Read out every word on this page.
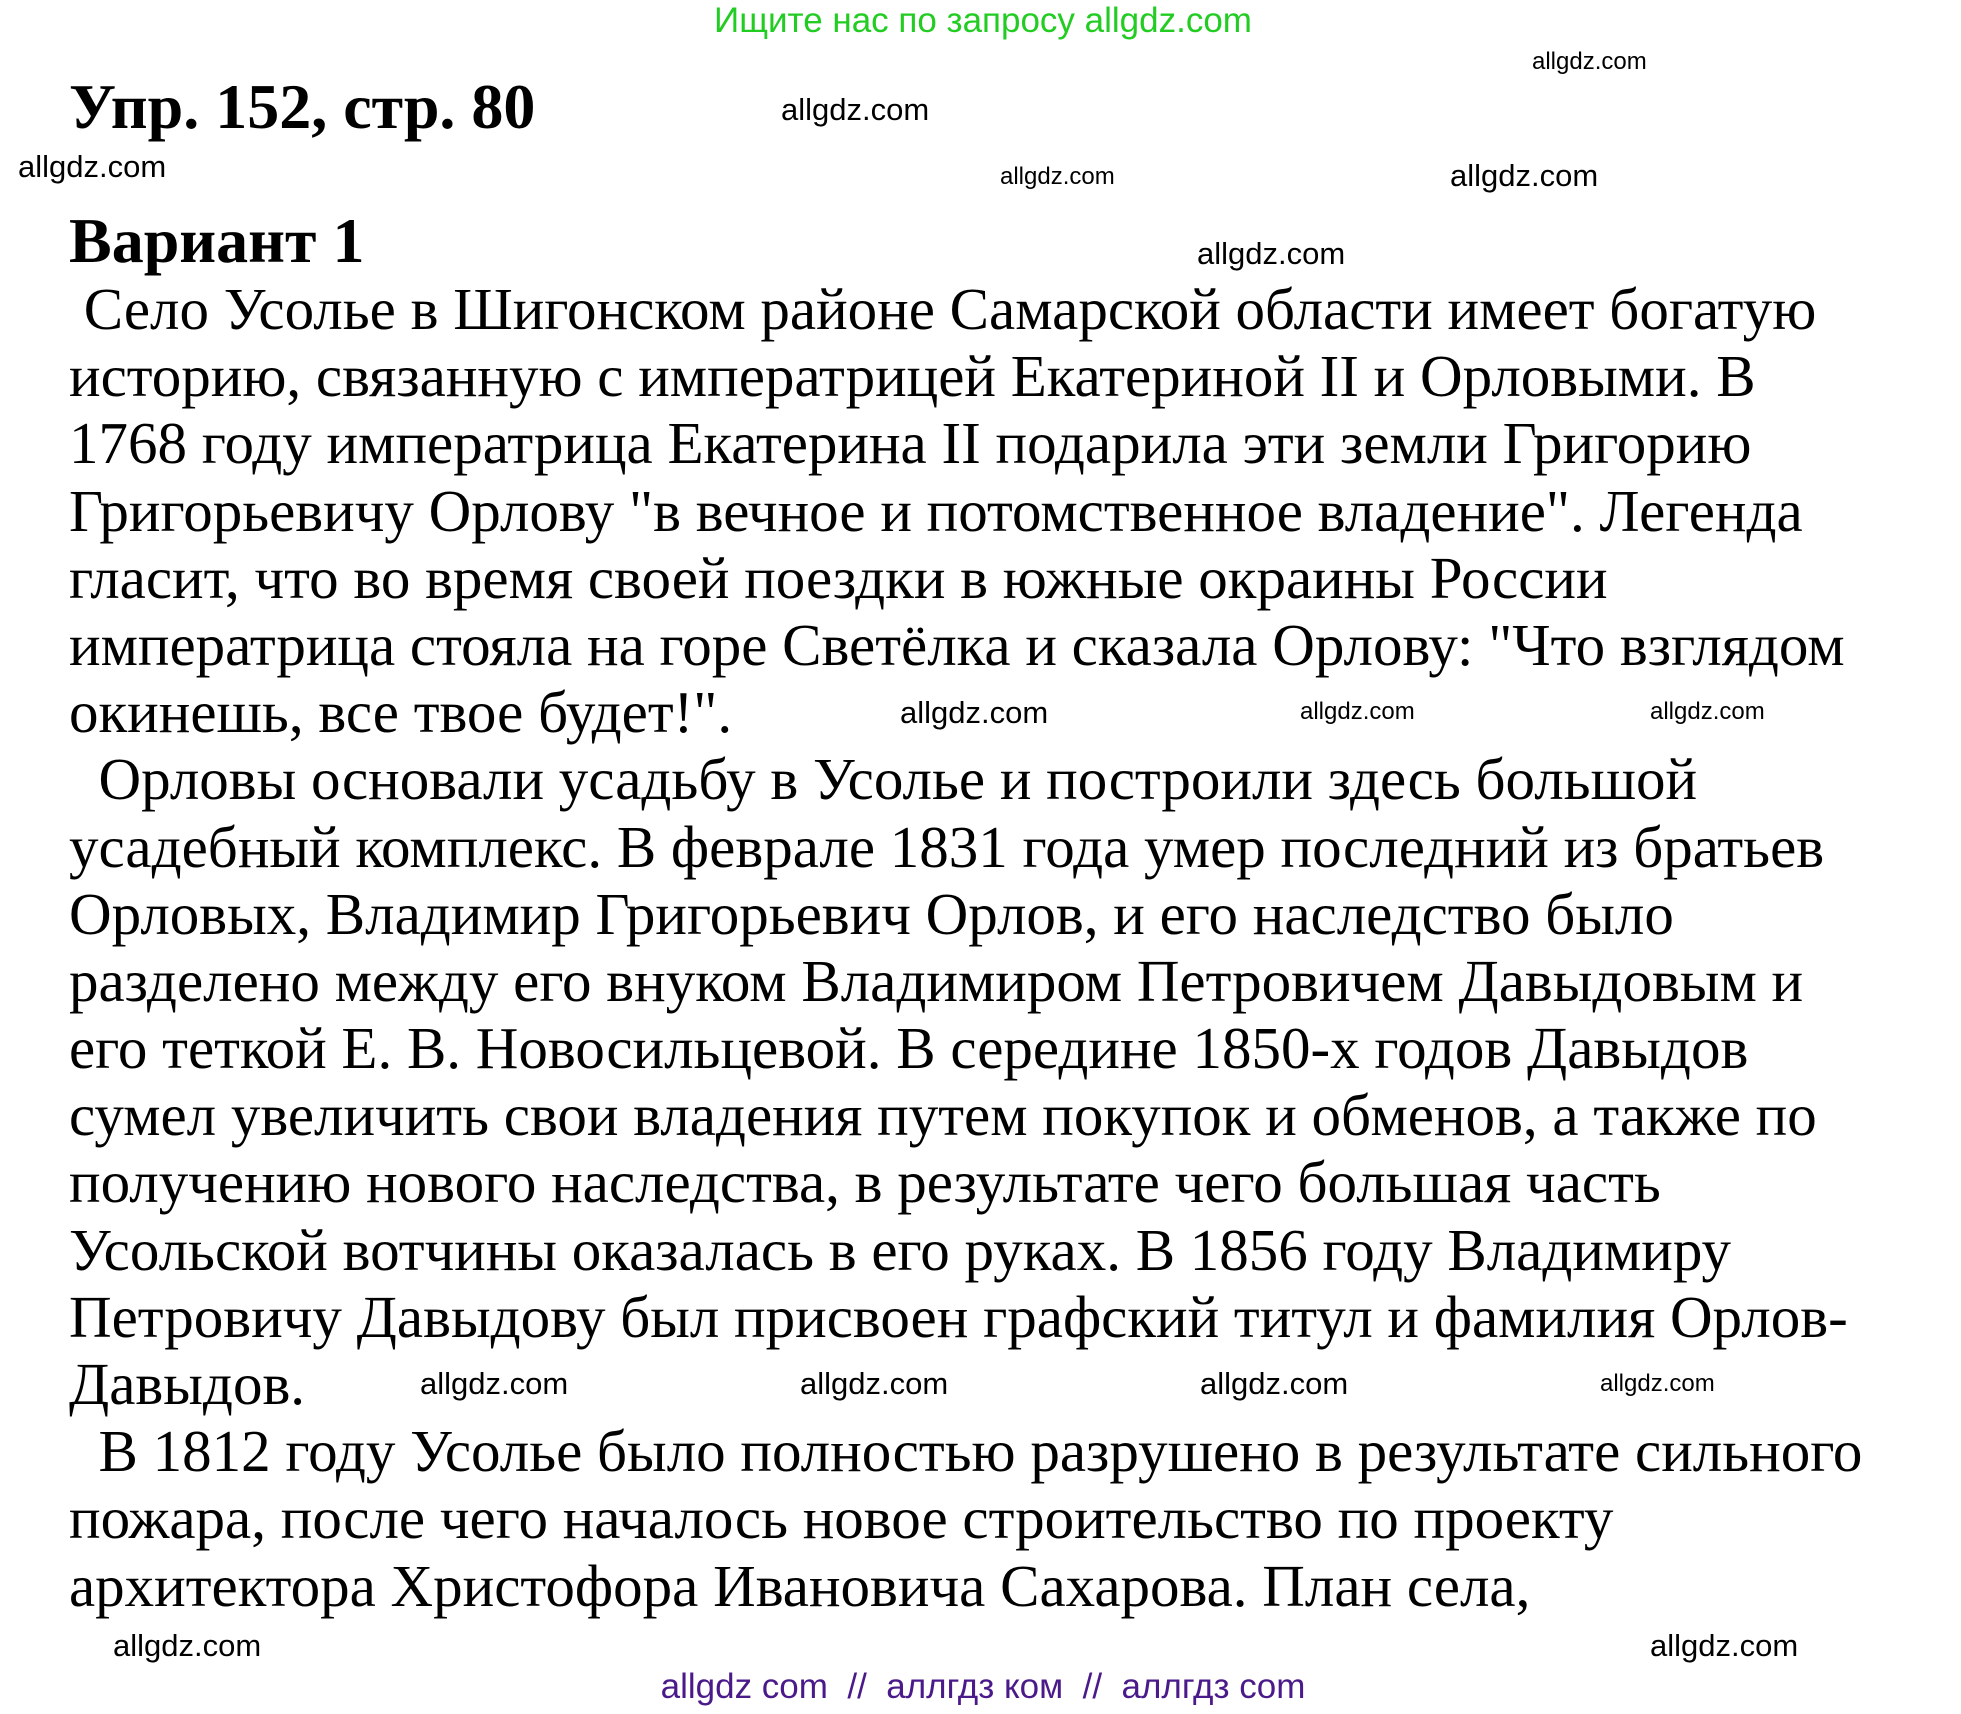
Ищите нас по запросу allgdz.com
Упр. 152, стр. 80
Вариант 1
Село Усолье в Шигонском районе Самарской области имеет богатую
историю, связанную с императрицей Екатериной II и Орловыми. В
1768 году императрица Екатерина II подарила эти земли Григорию
Григорьевичу Орлову "в вечное и потомственное владение". Легенда
гласит, что во время своей поездки в южные окраины России
императрица стояла на горе Светёлка и сказала Орлову: "Что взглядом
окинешь, все твое будет!".
Орловы основали усадьбу в Усолье и построили здесь большой
усадебный комплекс. В феврале 1831 года умер последний из братьев
Орловых, Владимир Григорьевич Орлов, и его наследство было
разделено между его внуком Владимиром Петровичем Давыдовым и
его теткой Е. В. Новосильцевой. В середине 1850-х годов Давыдов
сумел увеличить свои владения путем покупок и обменов, а также по
получению нового наследства, в результате чего большая часть
Усольской вотчины оказалась в его руках. В 1856 году Владимиру
Петровичу Давыдову был присвоен графский титул и фамилия Орлов-
Давыдов.
В 1812 году Усолье было полностью разрушено в результате сильного
пожара, после чего началось новое строительство по проекту
архитектора Христофора Ивановича Сахарова. План села,
allgdz.com
allgdz.com
allgdz.com
allgdz.com
allgdz.com
allgdz.com
allgdz.com
allgdz.com
allgdz.com
allgdz.com
allgdz.com
allgdz.com	allgdz.com
allgdz.com
allgdz.com
allgdz com  //  аллгдз ком  //  аллгдз com
